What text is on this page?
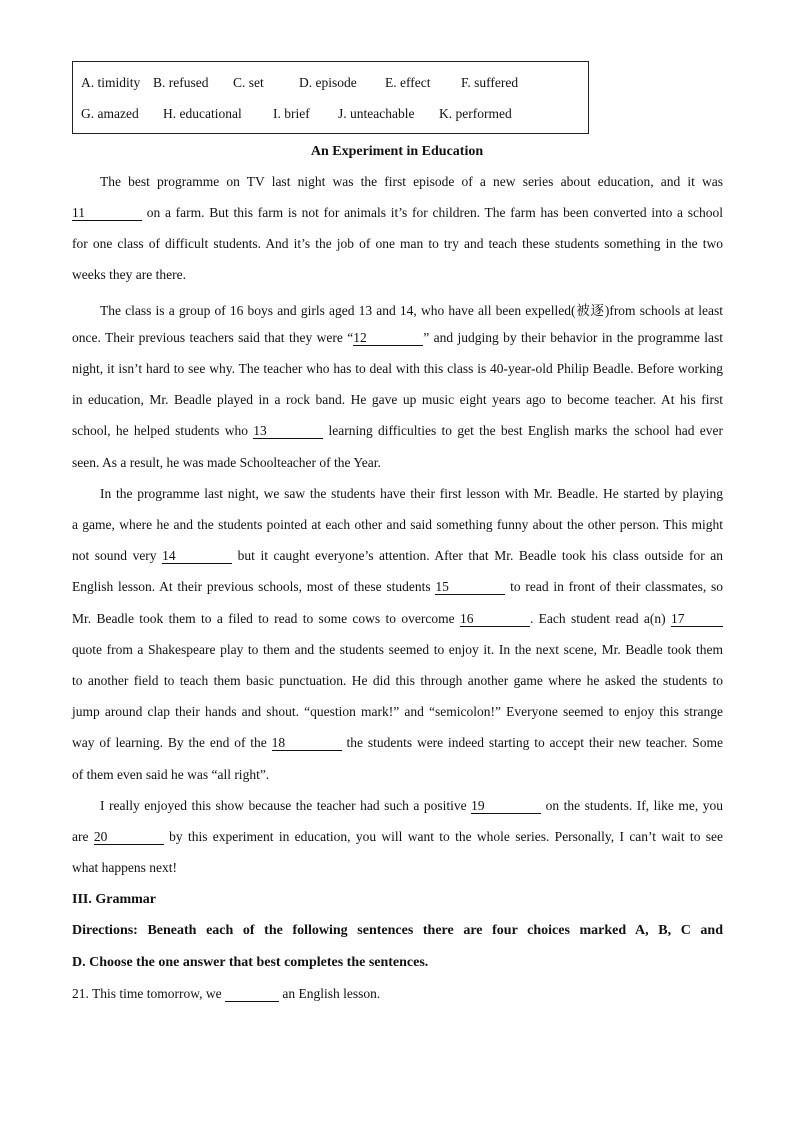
A. timidity B. refused C. set	D. episode E. effect F. suffered
G. amazed H. educational I. brief J. unteachable K. performed
An Experiment in Education
The best programme on TV last night was the first episode of a new series about education, and it was
11	on a farm. But this farm is not for animals it’s for children. The farm has been converted into a school
for one class of difficult students. And it’s the job of one man to try and teach these students something in the two
weeks they are there.
The class is a group of 16 boys and girls aged 13 and 14, who have all been expelled(被逐)from schools at least
once. Their previous teachers said that they were “12	” and judging by their behavior in the programme last
night, it isn’t hard to see why. The teacher who has to deal with this class is 40-year-old Philip Beadle. Before working
in education, Mr. Beadle played in a rock band. He gave up music eight years ago to become teacher. At his first
school, he helped students who 13	learning difficulties to get the best English marks the school had ever
seen. As a result, he was made Schoolteacher of the Year.
In the programme last night, we saw the students have their first lesson with Mr. Beadle. He started by playing
a game, where he and the students pointed at each other and said something funny about the other person. This might
not sound very 14	but it caught everyone’s attention. After that Mr. Beadle took his class outside for an
English lesson. At their previous schools, most of these students 15	to read in front of their classmates, so
Mr. Beadle took them to a filed to read to some cows to overcome 16	. Each student read a(n) 17
quote from a Shakespeare play to them and the students seemed to enjoy it. In the next scene, Mr. Beadle took them
to another field to teach them basic punctuation. He did this through another game where he asked the students to
jump around clap their hands and shout. “question mark!” and “semicolon!” Everyone seemed to enjoy this strange
way of learning. By the end of the 18	the students were indeed starting to accept their new teacher. Some
of them even said he was “all right”.
I really enjoyed this show because the teacher had such a positive 19	on the students. If, like me, you
are 20	by this experiment in education, you will want to the whole series. Personally, I can’t wait to see
what happens next!
III. Grammar
Directions: Beneath each of the following sentences there are four choices marked A, B, C and
D. Choose the one answer that best completes the sentences.
21. This time tomorrow, we	an English lesson.
